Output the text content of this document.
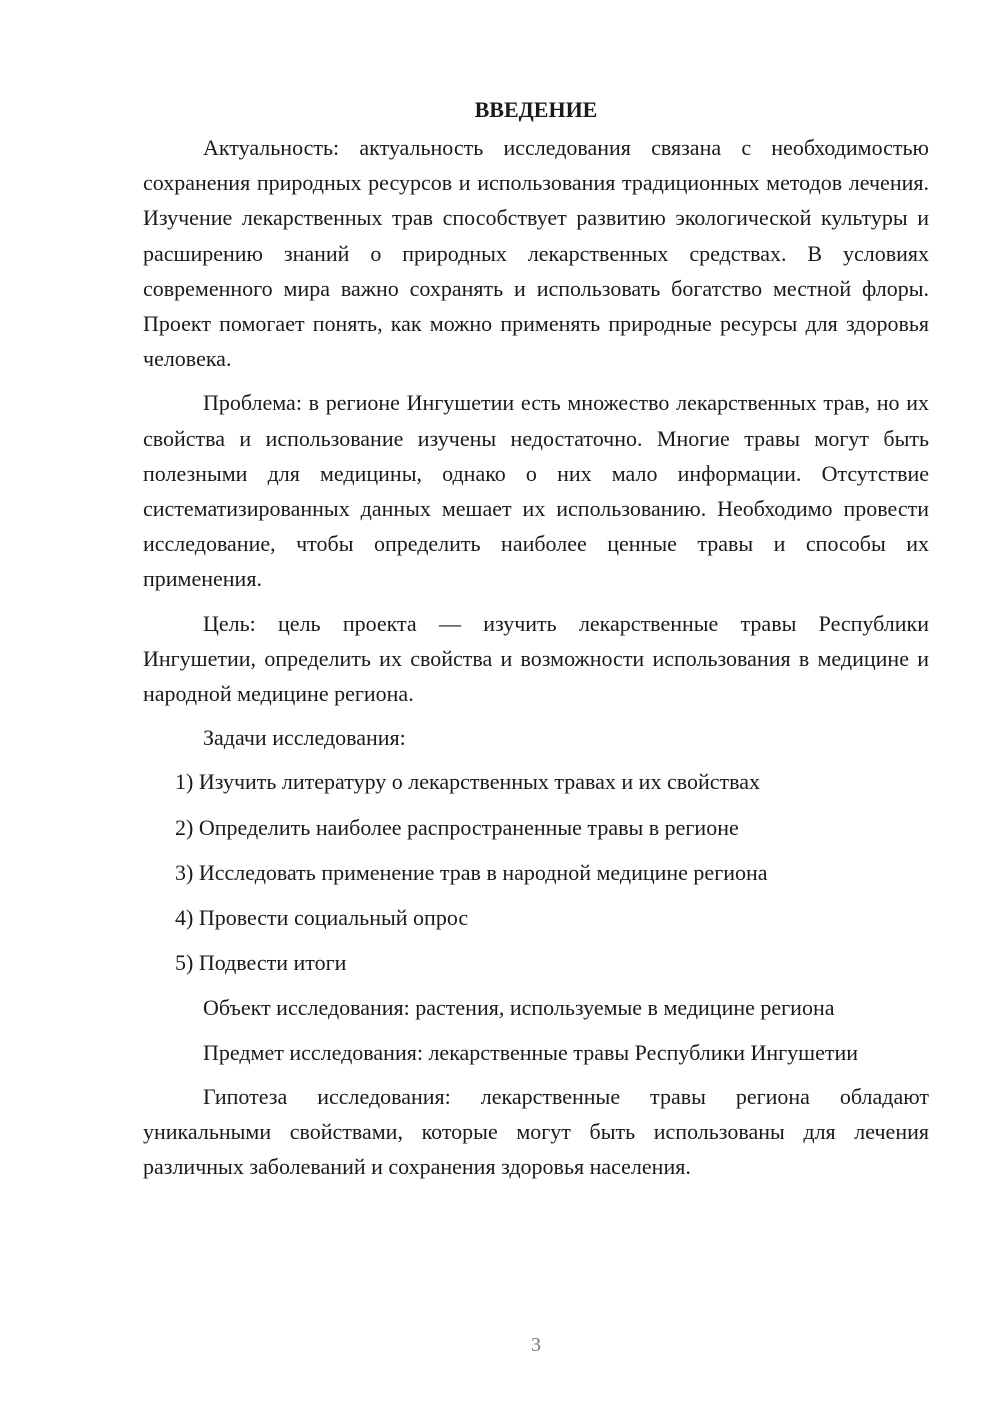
ВВЕДЕНИЕ

Актуальность: актуальность исследования связана с необходимостью сохранения природных ресурсов и использования традиционных методов лечения. Изучение лекарственных трав способствует развитию экологической культуры и расширению знаний о природных лекарственных средствах. В условиях современного мира важно сохранять и использовать богатство местной флоры. Проект помогает понять, как можно применять природные ресурсы для здоровья человека.

Проблема: в регионе Ингушетии есть множество лекарственных трав, но их свойства и использование изучены недостаточно. Многие травы могут быть полезными для медицины, однако о них мало информации. Отсутствие систематизированных данных мешает их использованию. Необходимо провести исследование, чтобы определить наиболее ценные травы и способы их применения.

Цель: цель проекта — изучить лекарственные травы Республики Ингушетии, определить их свойства и возможности использования в медицине и народной медицине региона.

Задачи исследования:

1) Изучить литературу о лекарственных травах и их свойствах
2) Определить наиболее распространенные травы в регионе
3) Исследовать применение трав в народной медицине региона
4) Провести социальный опрос
5) Подвести итоги

Объект исследования: растения, используемые в медицине региона

Предмет исследования: лекарственные травы Республики Ингушетии

Гипотеза исследования: лекарственные травы региона обладают уникальными свойствами, которые могут быть использованы для лечения различных заболеваний и сохранения здоровья населения.

3
